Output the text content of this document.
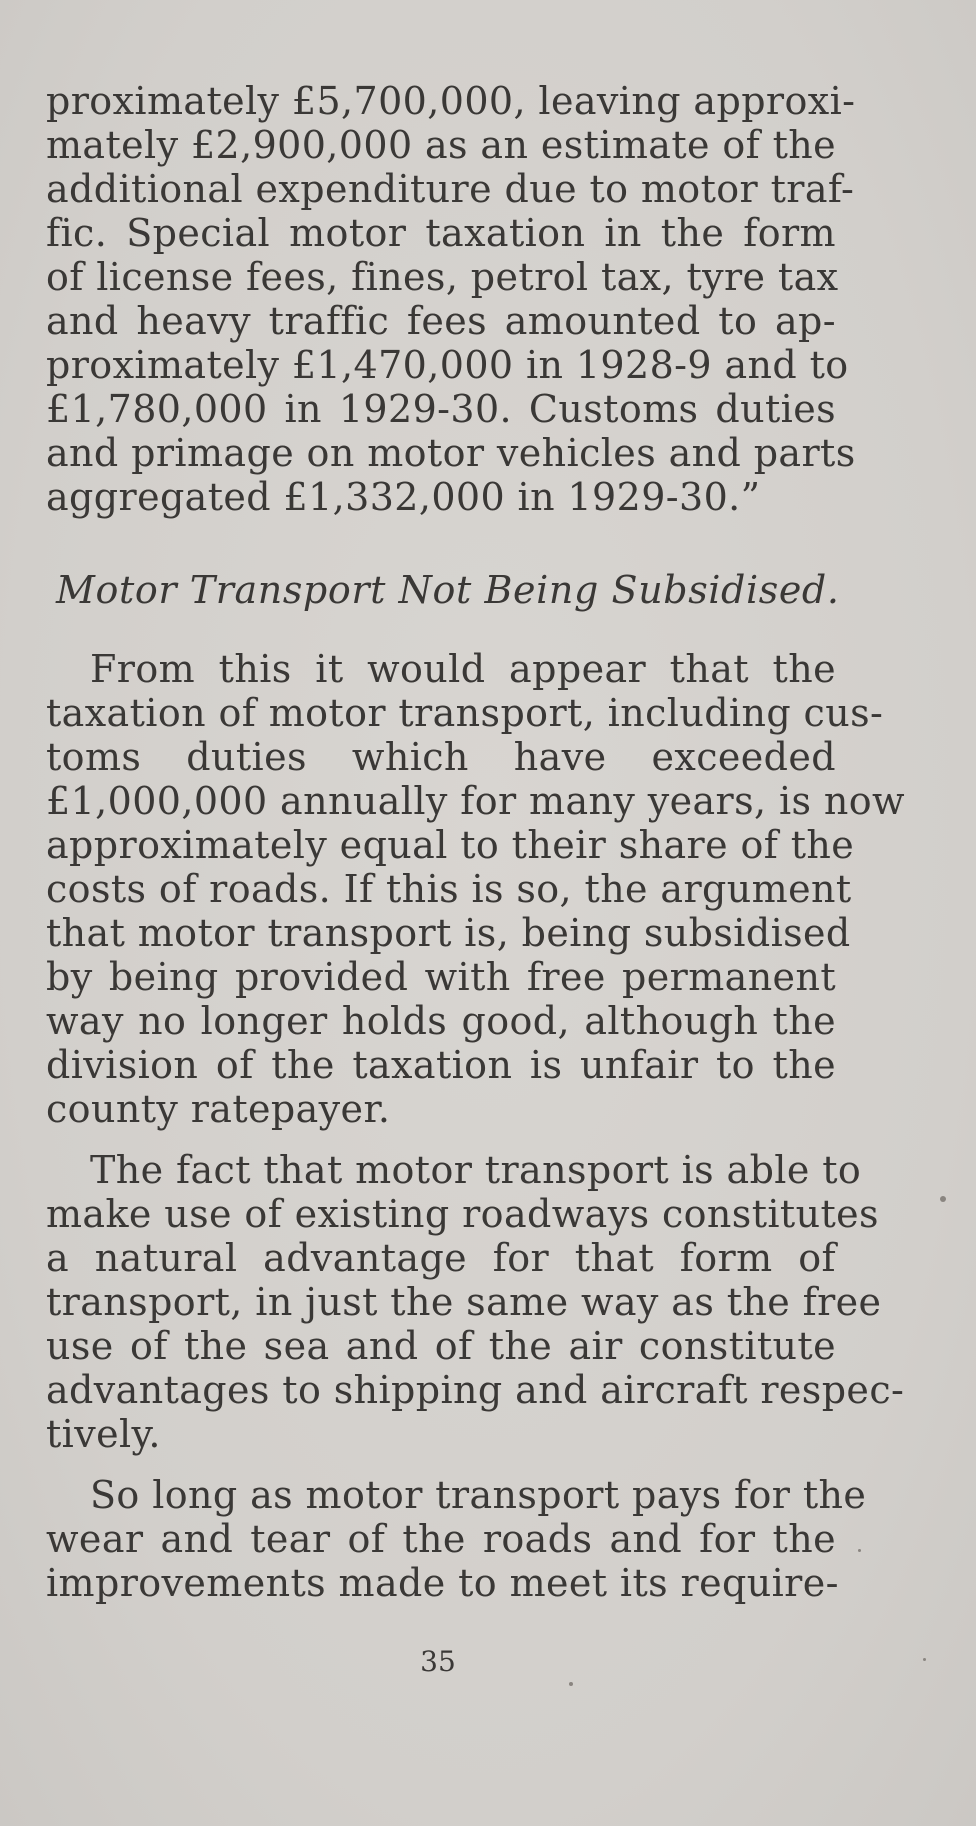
proximately £5,700,000, leaving approxi-

mately £2,900,000 as an estimate of the

additional expenditure due to motor traf-

fic. Special motor taxation in the form

of license fees, fines, petrol tax, tyre tax

and heavy traffic fees amounted to ap-

proximately £1,470,000 in 1928-9 and to

£1,780,000 in 1929-30. Customs duties

and primage on motor vehicles and parts

aggregated £1,332,000 in 1929-30.”

Motor Transport Not Being Subsidised.

From this it would appear that the

taxation of motor transport, including cus-

toms duties which have exceeded

£1,000,000 annually for many years, is now

approximately equal to their share of the

costs of roads. If this is so, the argument

that motor transport is, being subsidised

by being provided with free permanent

way no longer holds good, although the

division of the taxation is unfair to the

county ratepayer.

The fact that motor transport is able to

make use of existing roadways constitutes

a natural advantage for that form of

transport, in just the same way as the free

use of the sea and of the air constitute

advantages to shipping and aircraft respec-

tively.

So long as motor transport pays for the

wear and tear of the roads and for the

improvements made to meet its require-

35
